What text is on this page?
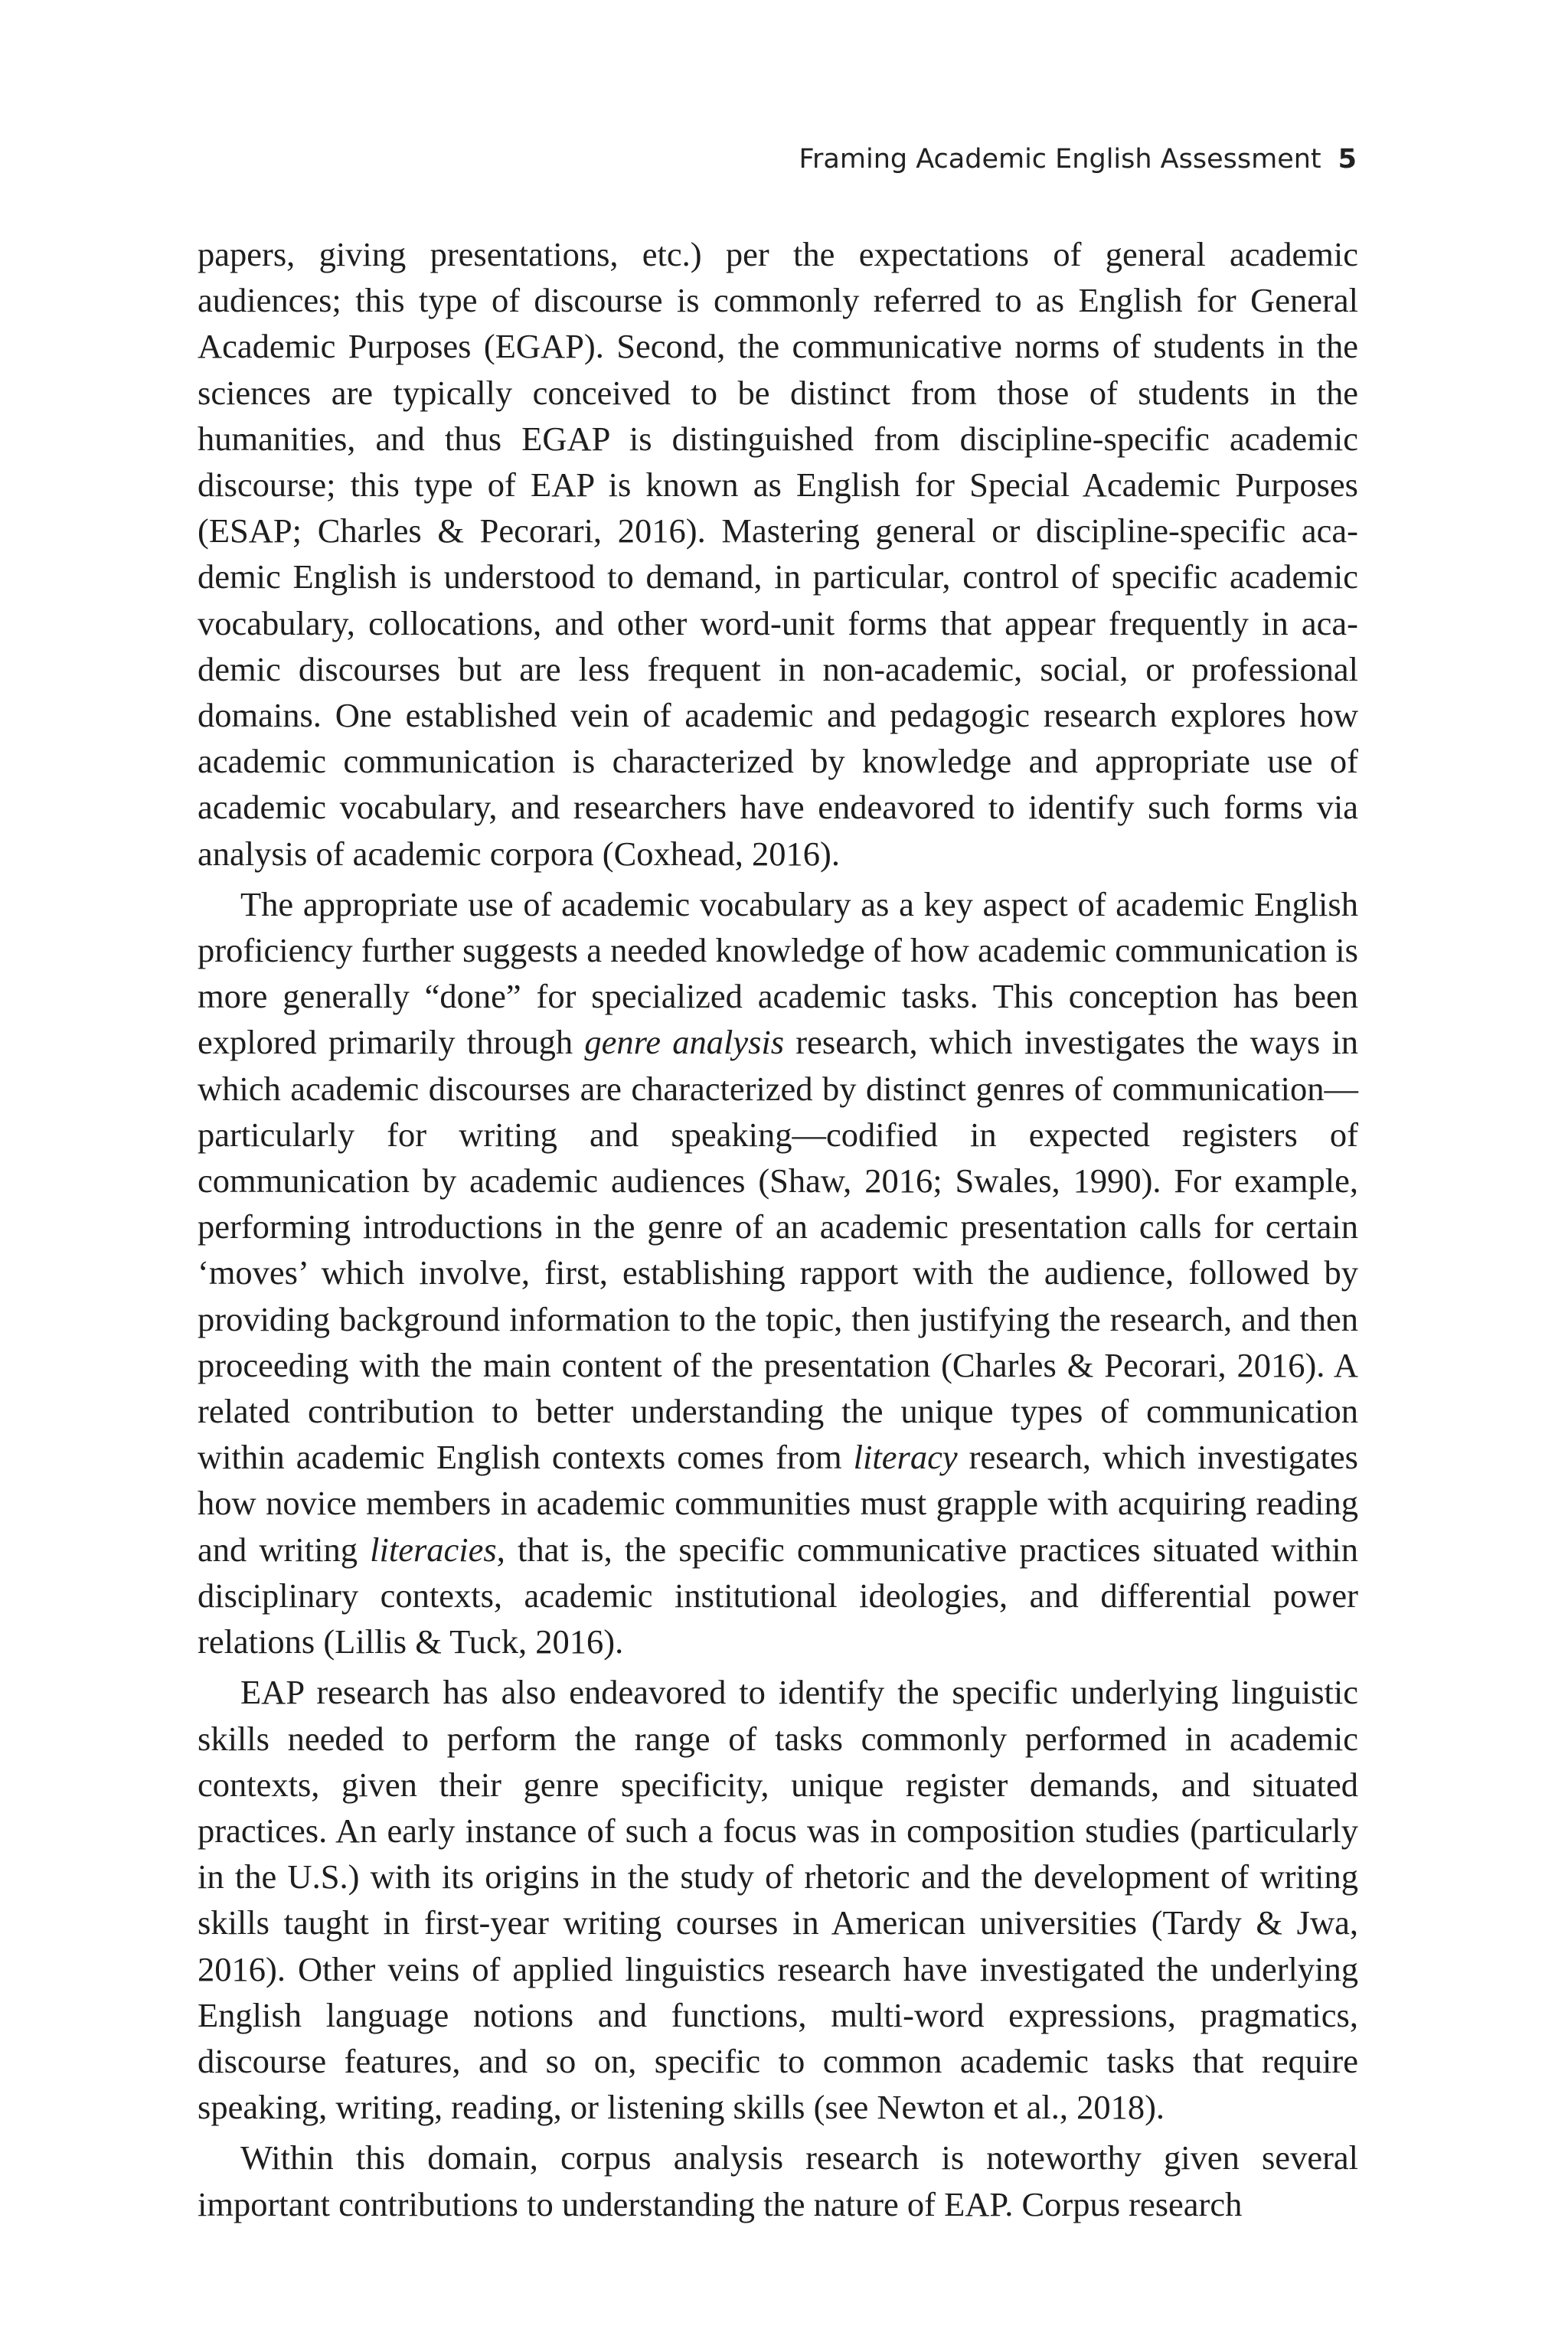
Framing Academic English Assessment 5

papers, giving presentations, etc.) per the expectations of general academic audiences; this type of discourse is commonly referred to as English for General Academic Purposes (EGAP). Second, the communicative norms of students in the sciences are typically conceived to be distinct from those of students in the humanities, and thus EGAP is distinguished from discipline-specific academic discourse; this type of EAP is known as English for Special Academic Purposes (ESAP; Charles & Pecorari, 2016). Mastering general or discipline-specific academic English is understood to demand, in particular, control of specific academic vocabulary, collocations, and other word-unit forms that appear frequently in academic discourses but are less frequent in non-academic, social, or professional domains. One established vein of academic and pedagogic research explores how academic communication is characterized by knowledge and appropriate use of academic vocabulary, and researchers have endeavored to identify such forms via analysis of academic corpora (Coxhead, 2016).

The appropriate use of academic vocabulary as a key aspect of academic English proficiency further suggests a needed knowledge of how academic communication is more generally “done” for specialized academic tasks. This conception has been explored primarily through genre analysis research, which investigates the ways in which academic discourses are characterized by distinct genres of communication—particularly for writing and speaking—codified in expected registers of communication by academic audiences (Shaw, 2016; Swales, 1990). For example, performing introductions in the genre of an academic presentation calls for certain ‘moves’ which involve, first, establishing rapport with the audience, followed by providing background information to the topic, then justifying the research, and then proceeding with the main content of the presentation (Charles & Pecorari, 2016). A related contribution to better understanding the unique types of communication within academic English contexts comes from literacy research, which investigates how novice members in academic communities must grapple with acquiring reading and writing literacies, that is, the specific communicative practices situated within disciplinary contexts, academic institutional ideologies, and differential power relations (Lillis & Tuck, 2016).

EAP research has also endeavored to identify the specific underlying linguistic skills needed to perform the range of tasks commonly performed in academic contexts, given their genre specificity, unique register demands, and situated practices. An early instance of such a focus was in composition studies (particularly in the U.S.) with its origins in the study of rhetoric and the development of writing skills taught in first-year writing courses in American universities (Tardy & Jwa, 2016). Other veins of applied linguistics research have investigated the underlying English language notions and functions, multi-word expressions, pragmatics, discourse features, and so on, specific to common academic tasks that require speaking, writing, reading, or listening skills (see Newton et al., 2018).

Within this domain, corpus analysis research is noteworthy given several important contributions to understanding the nature of EAP. Corpus research
